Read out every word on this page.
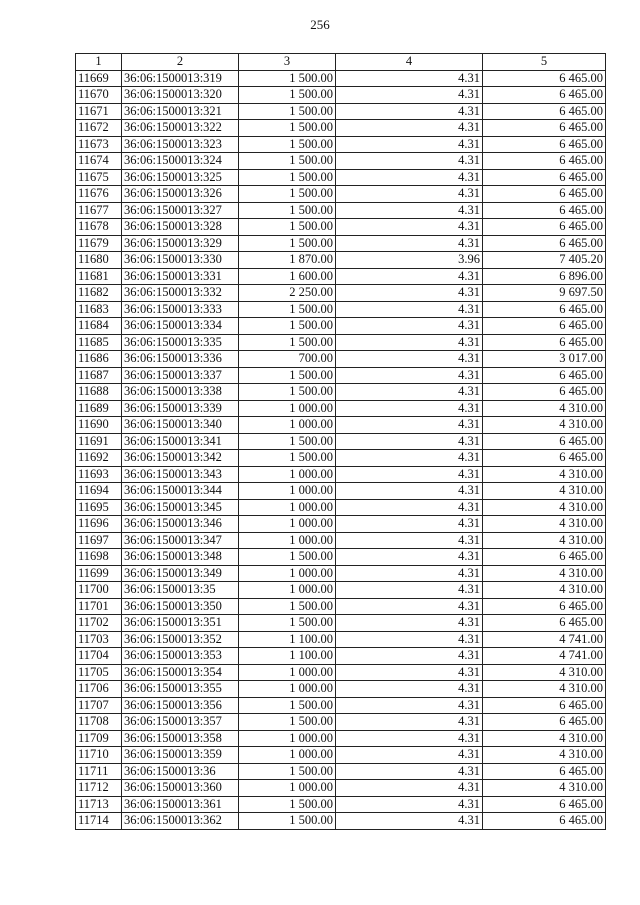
256
1	2	3	4	5
11669	36:06:1500013:319	1 500.00	4.31	6 465.00
11670	36:06:1500013:320	1 500.00	4.31	6 465.00
11671	36:06:1500013:321	1 500.00	4.31	6 465.00
11672	36:06:1500013:322	1 500.00	4.31	6 465.00
11673	36:06:1500013:323	1 500.00	4.31	6 465.00
11674	36:06:1500013:324	1 500.00	4.31	6 465.00
11675	36:06:1500013:325	1 500.00	4.31	6 465.00
11676	36:06:1500013:326	1 500.00	4.31	6 465.00
11677	36:06:1500013:327	1 500.00	4.31	6 465.00
11678	36:06:1500013:328	1 500.00	4.31	6 465.00
11679	36:06:1500013:329	1 500.00	4.31	6 465.00
11680	36:06:1500013:330	1 870.00	3.96	7 405.20
11681	36:06:1500013:331	1 600.00	4.31	6 896.00
11682	36:06:1500013:332	2 250.00	4.31	9 697.50
11683	36:06:1500013:333	1 500.00	4.31	6 465.00
11684	36:06:1500013:334	1 500.00	4.31	6 465.00
11685	36:06:1500013:335	1 500.00	4.31	6 465.00
11686	36:06:1500013:336	700.00	4.31	3 017.00
11687	36:06:1500013:337	1 500.00	4.31	6 465.00
11688	36:06:1500013:338	1 500.00	4.31	6 465.00
11689	36:06:1500013:339	1 000.00	4.31	4 310.00
11690	36:06:1500013:340	1 000.00	4.31	4 310.00
11691	36:06:1500013:341	1 500.00	4.31	6 465.00
11692	36:06:1500013:342	1 500.00	4.31	6 465.00
11693	36:06:1500013:343	1 000.00	4.31	4 310.00
11694	36:06:1500013:344	1 000.00	4.31	4 310.00
11695	36:06:1500013:345	1 000.00	4.31	4 310.00
11696	36:06:1500013:346	1 000.00	4.31	4 310.00
11697	36:06:1500013:347	1 000.00	4.31	4 310.00
11698	36:06:1500013:348	1 500.00	4.31	6 465.00
11699	36:06:1500013:349	1 000.00	4.31	4 310.00
11700	36:06:1500013:35	1 000.00	4.31	4 310.00
11701	36:06:1500013:350	1 500.00	4.31	6 465.00
11702	36:06:1500013:351	1 500.00	4.31	6 465.00
11703	36:06:1500013:352	1 100.00	4.31	4 741.00
11704	36:06:1500013:353	1 100.00	4.31	4 741.00
11705	36:06:1500013:354	1 000.00	4.31	4 310.00
11706	36:06:1500013:355	1 000.00	4.31	4 310.00
11707	36:06:1500013:356	1 500.00	4.31	6 465.00
11708	36:06:1500013:357	1 500.00	4.31	6 465.00
11709	36:06:1500013:358	1 000.00	4.31	4 310.00
11710	36:06:1500013:359	1 000.00	4.31	4 310.00
11711	36:06:1500013:36	1 500.00	4.31	6 465.00
11712	36:06:1500013:360	1 000.00	4.31	4 310.00
11713	36:06:1500013:361	1 500.00	4.31	6 465.00
11714	36:06:1500013:362	1 500.00	4.31	6 465.00
